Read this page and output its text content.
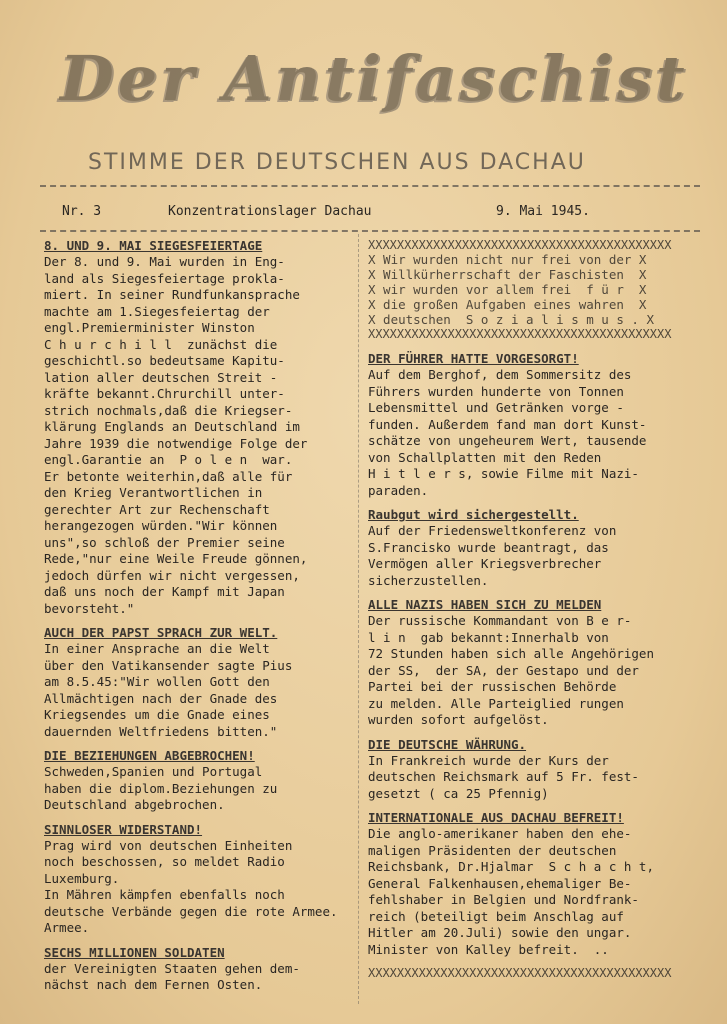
Der Antifaschist
STIMME DER DEUTSCHEN AUS DACHAU
Nr. 3	Konzentrationslager Dachau	9. Mai 1945.

8. UND 9. MAI SIEGESFEIERTAGE

Der 8. und 9. Mai wurden in Eng-
land als Siegesfeiertage prokla-
miert. In seiner Rundfunkansprache
machte am 1.Siegesfeiertag der
engl.Premierminister Winston
C h u r c h i l l  zunächst die
geschichtl.so bedeutsame Kapitu-
lation aller deutschen Streit -
kräfte bekannt.Chrurchill unter-
strich nochmals,daß die Kriegser-
klärung Englands an Deutschland im
Jahre 1939 die notwendige Folge der
engl.Garantie an  P o l e n  war.
Er betonte weiterhin,daß alle für
den Krieg Verantwortlichen in
gerechter Art zur Rechenschaft
herangezogen würden."Wir können
uns",so schloß der Premier seine
Rede,"nur eine Weile Freude gönnen,
jedoch dürfen wir nicht vergessen,
daß uns noch der Kampf mit Japan
bevorsteht."

AUCH DER PAPST SPRACH ZUR WELT.

In einer Ansprache an die Welt
über den Vatikansender sagte Pius
am 8.5.45:"Wir wollen Gott den
Allmächtigen nach der Gnade des
Kriegsendes um die Gnade eines
dauernden Weltfriedens bitten."

DIE BEZIEHUNGEN ABGEBROCHEN!

Schweden,Spanien und Portugal
haben die diplom.Beziehungen zu
Deutschland abgebrochen.

SINNLOSER WIDERSTAND!

Prag wird von deutschen Einheiten
noch beschossen, so meldet Radio
Luxemburg.
In Mähren kämpfen ebenfalls noch
deutsche Verbände gegen die rote Armee.
Armee.

SECHS MILLIONEN SOLDATEN

der Vereinigten Staaten gehen dem-
nächst nach dem Fernen Osten.

XXXXXXXXXXXXXXXXXXXXXXXXXXXXXXXXXXXXXXXXXX
X Wir wurden nicht nur frei von der X
X Willkürherrschaft der Faschisten  X
X wir wurden vor allem frei  f ü r  X
X die großen Aufgaben eines wahren  X
X deutschen  S o z i a l i s m u s . X
XXXXXXXXXXXXXXXXXXXXXXXXXXXXXXXXXXXXXXXXXX

DER FÜHRER HATTE VORGESORGT!

Auf dem Berghof, dem Sommersitz des
Führers wurden hunderte von Tonnen
Lebensmittel und Getränken vorge -
funden. Außerdem fand man dort Kunst-
schätze von ungeheurem Wert, tausende
von Schallplatten mit den Reden
H i t l e r s, sowie Filme mit Nazi-
paraden.

Raubgut wird sichergestellt.

Auf der Friedensweltkonferenz von
S.Francisko wurde beantragt, das
Vermögen aller Kriegsverbrecher
sicherzustellen.

ALLE NAZIS HABEN SICH ZU MELDEN

Der russische Kommandant von B e r-
l i n  gab bekannt:Innerhalb von
72 Stunden haben sich alle Angehörigen
der SS,  der SA, der Gestapo und der
Partei bei der russischen Behörde
zu melden. Alle Parteiglied rungen
wurden sofort aufgelöst.

DIE DEUTSCHE WÄHRUNG.

In Frankreich wurde der Kurs der
deutschen Reichsmark auf 5 Fr. fest-
gesetzt ( ca 25 Pfennig)

INTERNATIONALE AUS DACHAU BEFREIT!

Die anglo-amerikaner haben den ehe-
maligen Präsidenten der deutschen
Reichsbank, Dr.Hjalmar  S c h a c h t,
General Falkenhausen,ehemaliger Be-
fehlshaber in Belgien und Nordfrank-
reich (beteiligt beim Anschlag auf
Hitler am 20.Juli) sowie den ungar.
Minister von Kalley befreit.  ..

XXXXXXXXXXXXXXXXXXXXXXXXXXXXXXXXXXXXXXXXXX
